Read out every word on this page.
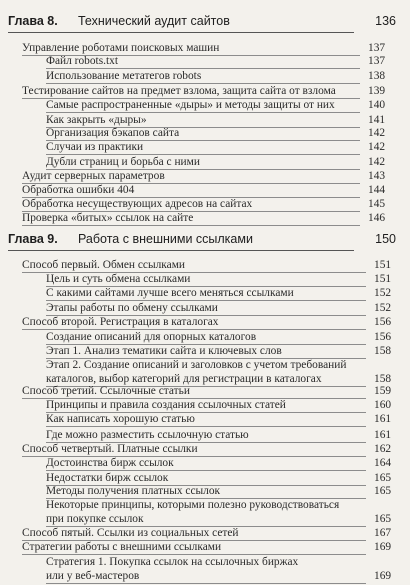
Глава 8. Технический аудит сайтов	136
Управление роботами поисковых машин	137
Файл robots.txt	137
Использование метатегов robots	138
Тестирование сайтов на предмет взлома, защита сайта от взлома	139
Самые распространенные «дыры» и методы защиты от них	140
Как закрыть «дыры»	141
Организация бэкапов сайта	142
Случаи из практики	142
Дубли страниц и борьба с ними	142
Аудит серверных параметров	143
Обработка ошибки 404	144
Обработка несуществующих адресов на сайтах	145
Проверка «битых» ссылок на сайте	146
Глава 9. Работа с внешними ссылками	150
Способ первый. Обмен ссылками	151
Цель и суть обмена ссылками	151
С какими сайтами лучше всего меняться ссылками	152
Этапы работы по обмену ссылками	152
Способ второй. Регистрация в каталогах	156
Создание описаний для опорных каталогов	156
Этап 1. Анализ тематики сайта и ключевых слов	158
Этап 2. Создание описаний и заголовков с учетом требований
каталогов, выбор категорий для регистрации в каталогах	158
Способ третий. Ссылочные статьи	159
Принципы и правила создания ссылочных статей	160
Как написать хорошую статью	161
Где можно разместить ссылочную статью	161
Способ четвертый. Платные ссылки	162
Достоинства бирж ссылок	164
Недостатки бирж ссылок	165
Методы получения платных ссылок	165
Некоторые принципы, которыми полезно руководствоваться
при покупке ссылок	165
Способ пятый. Ссылки из социальных сетей	167
Стратегии работы с внешними ссылками	169
Стратегия 1. Покупка ссылок на ссылочных биржах
или у веб-мастеров	169
